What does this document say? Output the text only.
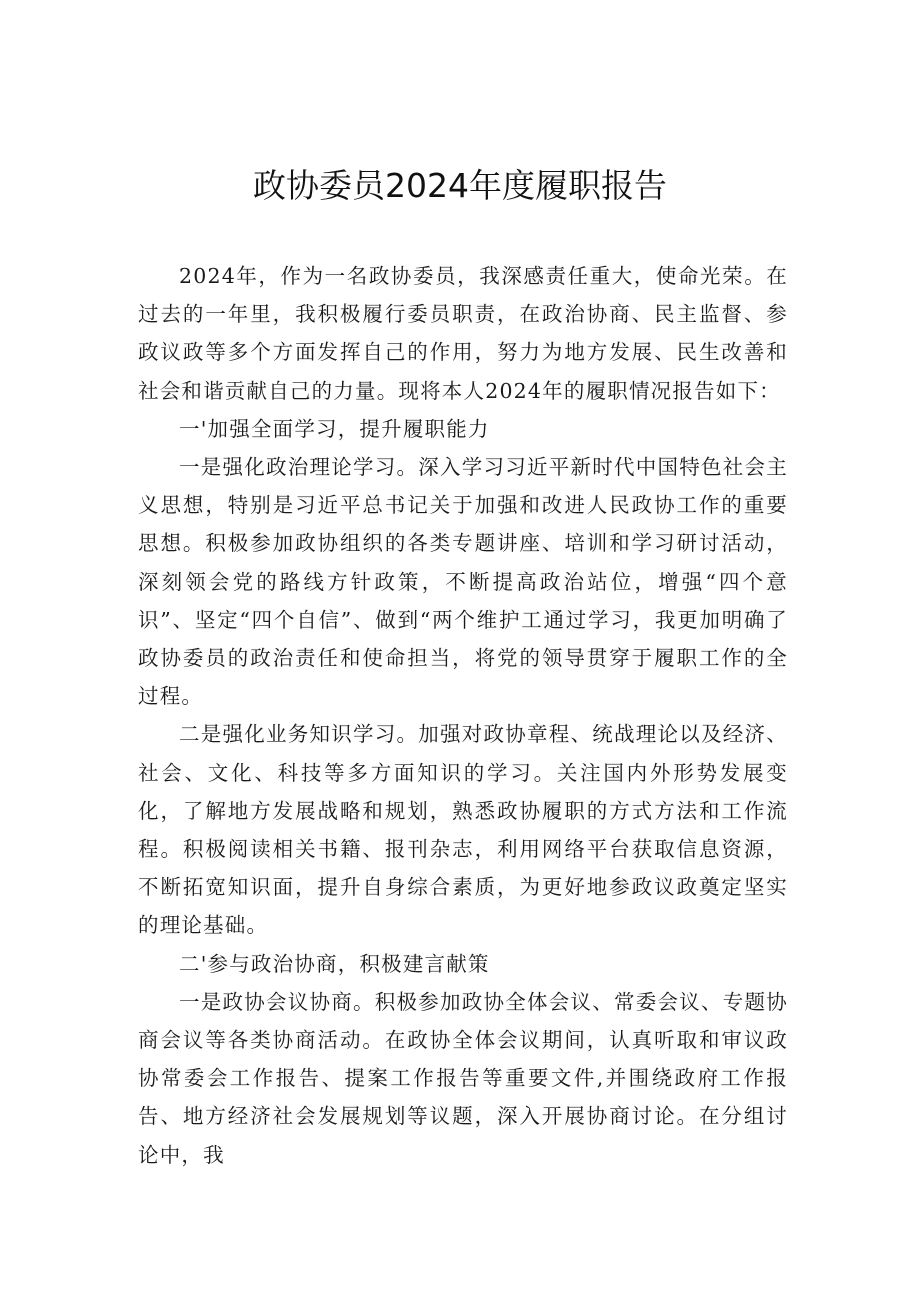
政协委员2024年度履职报告

2024年，作为一名政协委员，我深感责任重大，使命光荣。在过去的一年里，我积极履行委员职责，在政治协商、民主监督、参政议政等多个方面发挥自己的作用，努力为地方发展、民生改善和社会和谐贡献自己的力量。现将本人2024年的履职情况报告如下：

一'加强全面学习，提升履职能力

一是强化政治理论学习。深入学习习近平新时代中国特色社会主义思想，特别是习近平总书记关于加强和改进人民政协工作的重要思想。积极参加政协组织的各类专题讲座、培训和学习研讨活动，深刻领会党的路线方针政策，不断提高政治站位，增强“四个意识”、坚定“四个自信”、做到“两个维护工通过学习，我更加明确了政协委员的政治责任和使命担当，将党的领导贯穿于履职工作的全过程。

二是强化业务知识学习。加强对政协章程、统战理论以及经济、社会、文化、科技等多方面知识的学习。关注国内外形势发展变化，了解地方发展战略和规划，熟悉政协履职的方式方法和工作流程。积极阅读相关书籍、报刊杂志，利用网络平台获取信息资源，不断拓宽知识面，提升自身综合素质，为更好地参政议政奠定坚实的理论基础。

二'参与政治协商，积极建言献策

一是政协会议协商。积极参加政协全体会议、常委会议、专题协商会议等各类协商活动。在政协全体会议期间，认真听取和审议政协常委会工作报告、提案工作报告等重要文件,并围绕政府工作报告、地方经济社会发展规划等议题，深入开展协商讨论。在分组讨论中，我
